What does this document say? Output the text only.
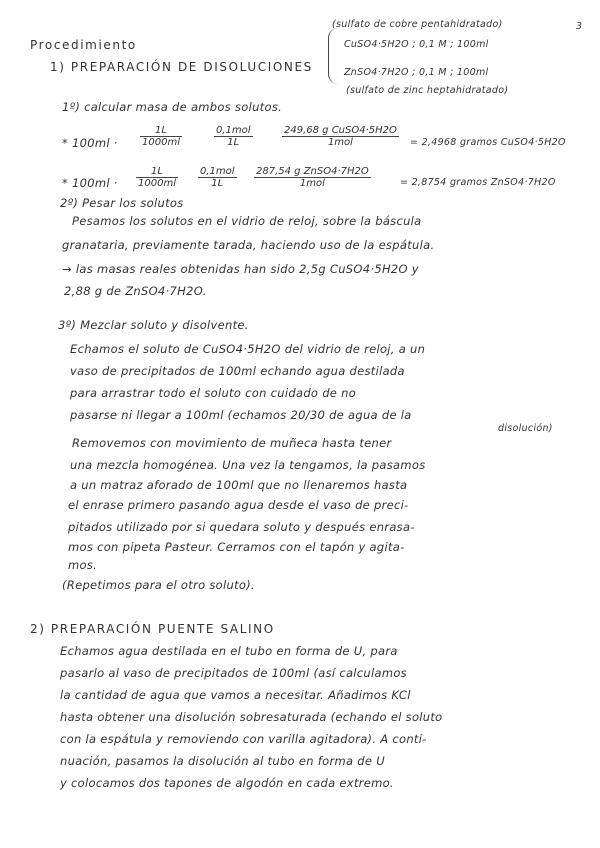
3
Procedimiento
1) PREPARACIÓN DE DISOLUCIONES
(sulfato de cobre pentahidratado)
CuSO4·5H2O ; 0,1 M ; 100ml
ZnSO4·7H2O ; 0,1 M ; 100ml
(sulfato de zinc heptahidratado)
1º) calcular masa de ambos solutos.
* $100ml \cdot \frac{1L}{1000ml}$	0,1mol
1L
249,68 g CuSO4·5H2O
1mol	= 2,4968 gramos CuSO4·5H2O
* $100ml \cdot \frac{1L}{1000ml} 0,1mol$
1L
287,54 g ZnSO4·7H2O
1mol	= 2,8754 gramos ZnSO4·7H2O
2º) Pesar los solutos
Pesamos los solutos en el vidrio de reloj, sobre la báscula
granataria, previamente tarada, haciendo uso de la espátula.
→ las masas reales obtenidas han sido 2,5g CuSO4·5H2O y
2,88 g de ZnSO4·7H2O.
3º) Mezclar soluto y disolvente.
Echamos el soluto de CuSO4·5H2O del vidrio de reloj, a un
vaso de precipitados de 100ml echando agua destilada
para arrastrar todo el soluto con cuidado de no
pasarse ni llegar a 100ml (echamos 20/30 de agua de la
disolución)
Removemos con movimiento de muñeca hasta tener
una mezcla homogénea. Una vez la tengamos, la pasamos
a un matraz aforado de 100ml que no llenaremos hasta
el enrase primero pasando agua desde el vaso de preci-
pitados utilizado por si quedara soluto y después enrasa-
mos con pipeta Pasteur. Cerramos con el tapón y agita-
mos.
(Repetimos para el otro soluto).
2) PREPARACIÓN PUENTE SALINO
Echamos agua destilada en el tubo en forma de U, para
pasarlo al vaso de precipitados de 100ml (así calculamos
la cantidad de agua que vamos a necesitar. Añadimos KCl
hasta obtener una disolución sobresaturada (echando el soluto
con la espátula y removiendo con varilla agitadora). A conti-
nuación, pasamos la disolución al tubo en forma de U
y colocamos dos tapones de algodón en cada extremo.
